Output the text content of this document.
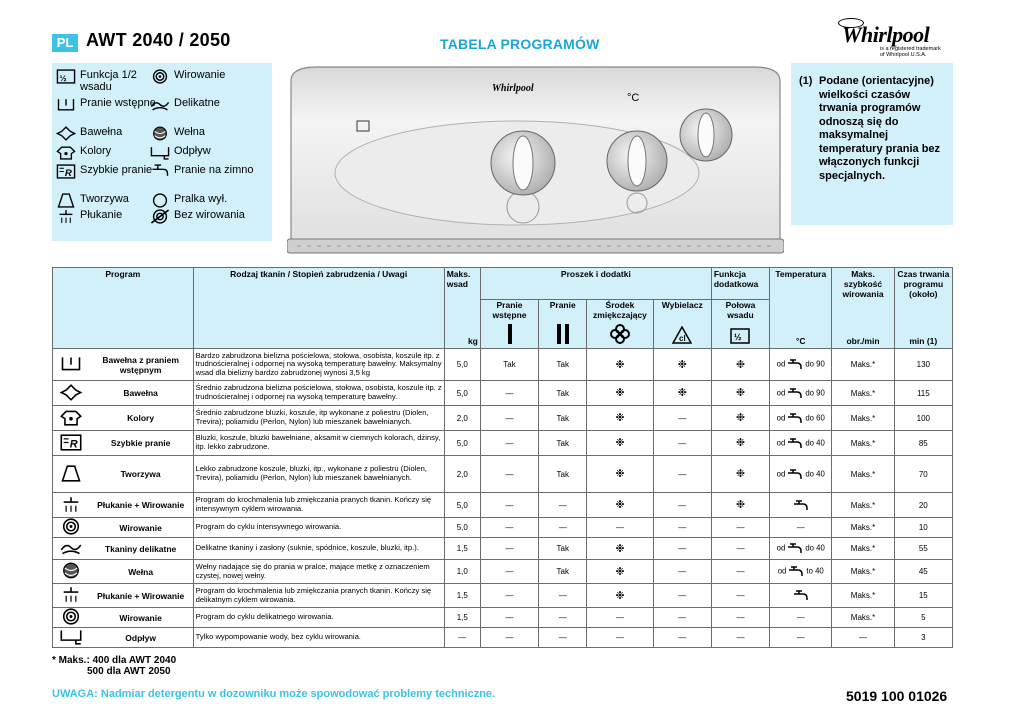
PL AWT 2040 / 2050	TABELA PROGRAMÓW	Whirlpool
is a registered trademark
of Whirlpool U.S.A.
½ Funkcja 1/2 wsadu
Wirowanie
Pranie wstępne	Delikatne
Bawełna	Wełna
Kolory	Odpływ
R Szybkie pranie	Pranie na zimno
Tworzywa	Pralka wył.
Płukanie	Bez wirowania
Whirlpool
°C
(1) Podane (orientacyjne) wielkości czasów trwania programów odnoszą się do maksymalnej temperatury prania bez włączonych funkcji specjalnych.
Program		Rodzaj tkanin / Stopień zabrudzenia / Uwagi	Maks. wsad	Proszek i dodatki				Funkcja dodatkowa	Temperatura	Maks. szybkość wirowania	Czas trwania programu (około)
				Pranie wstępne	Pranie	Środek zmiękczający	Wybielacz	Połowa wsadu			
			kg				cl	½	°C	obr./min	min (1)
	Bawełna z praniem wstępnym	Bardzo zabrudzona bielizna pościelowa, stołowa, osobista, koszule itp. z trudnościeralnej i odpornej na wysoką temperaturę bawełny. Maksymalny wsad dla bielizny bardzo zabrudzonej wynosi 3,5 kg	5,0	Tak	Tak	❉	❉	❉	od do 90	Maks.*	130
	Bawełna	Średnio zabrudzona bielizna pościelowa, stołowa, osobista, koszule itp. z trudnościeralnej i odpornej na wysoką temperaturę bawełny.	5,0	—	Tak	❉	❉	❉	od do 90	Maks.*	115
	Kolory	Średnio zabrudzone bluzki, koszule, itp wykonane z poliestru (Diolen, Trevira); poliamidu (Perlon, Nylon) lub mieszanek bawełnianych.	2,0	—	Tak	❉	—	❉	od do 60	Maks.*	100

R	Szybkie pranie	Bluzki, koszule, bluzki bawełniane, aksamit w ciemnych kolorach, dżinsy, itp. lekko zabrudzone.	5,0	—	Tak	❉	—	❉	od do 40	Maks.*	85
	Tworzywa	Lekko zabrudzone koszule, bluzki, itp., wykonane z poliestru (Diolen, Trevira), poliamidu (Perlon, Nylon) lub mieszanek bawełnianych.	2,0	—	Tak	❉	—	❉	od do 40	Maks.*	70
	Płukanie + Wirowanie	Program do krochmalenia lub zmiękczania pranych tkanin. Kończy się intensywnym cyklem wirowania.	5,0	—	—	❉	—	❉		Maks.*	20
	Wirowanie	Program do cyklu intensywnego wirowania.	5,0	—	—	—	—	—	—	Maks.*	10
	Tkaniny delikatne	Delikatne tkaniny i zasłony (suknie, spódnice, koszule, bluzki, itp.).	1,5	—	Tak	❉	—	—	od do 40	Maks.*	55
	Wełna	Wełny nadające się do prania w pralce, mające metkę z oznaczeniem czystej, nowej wełny.	1,0	—	Tak	❉	—	—	od to 40	Maks.*	45
	Płukanie + Wirowanie	Program do krochmalenia lub zmiękczania pranych tkanin. Kończy się delikatnym cyklem wirowania.	1,5	—	—	❉	—	—		Maks.*	15
	Wirowanie	Program do cyklu delikatnego wirowania.	1,5	—	—	—	—	—	—	Maks.*	5
	Odpływ	Tylko wypompowanie wody, bez cyklu wirowania.	—	—	—	—	—	—	—	—	3
* Maks.: 400 dla AWT 2040
500 dla AWT 2050
UWAGA: Nadmiar detergentu w dozowniku może spowodować problemy techniczne.	5019 100 01026
